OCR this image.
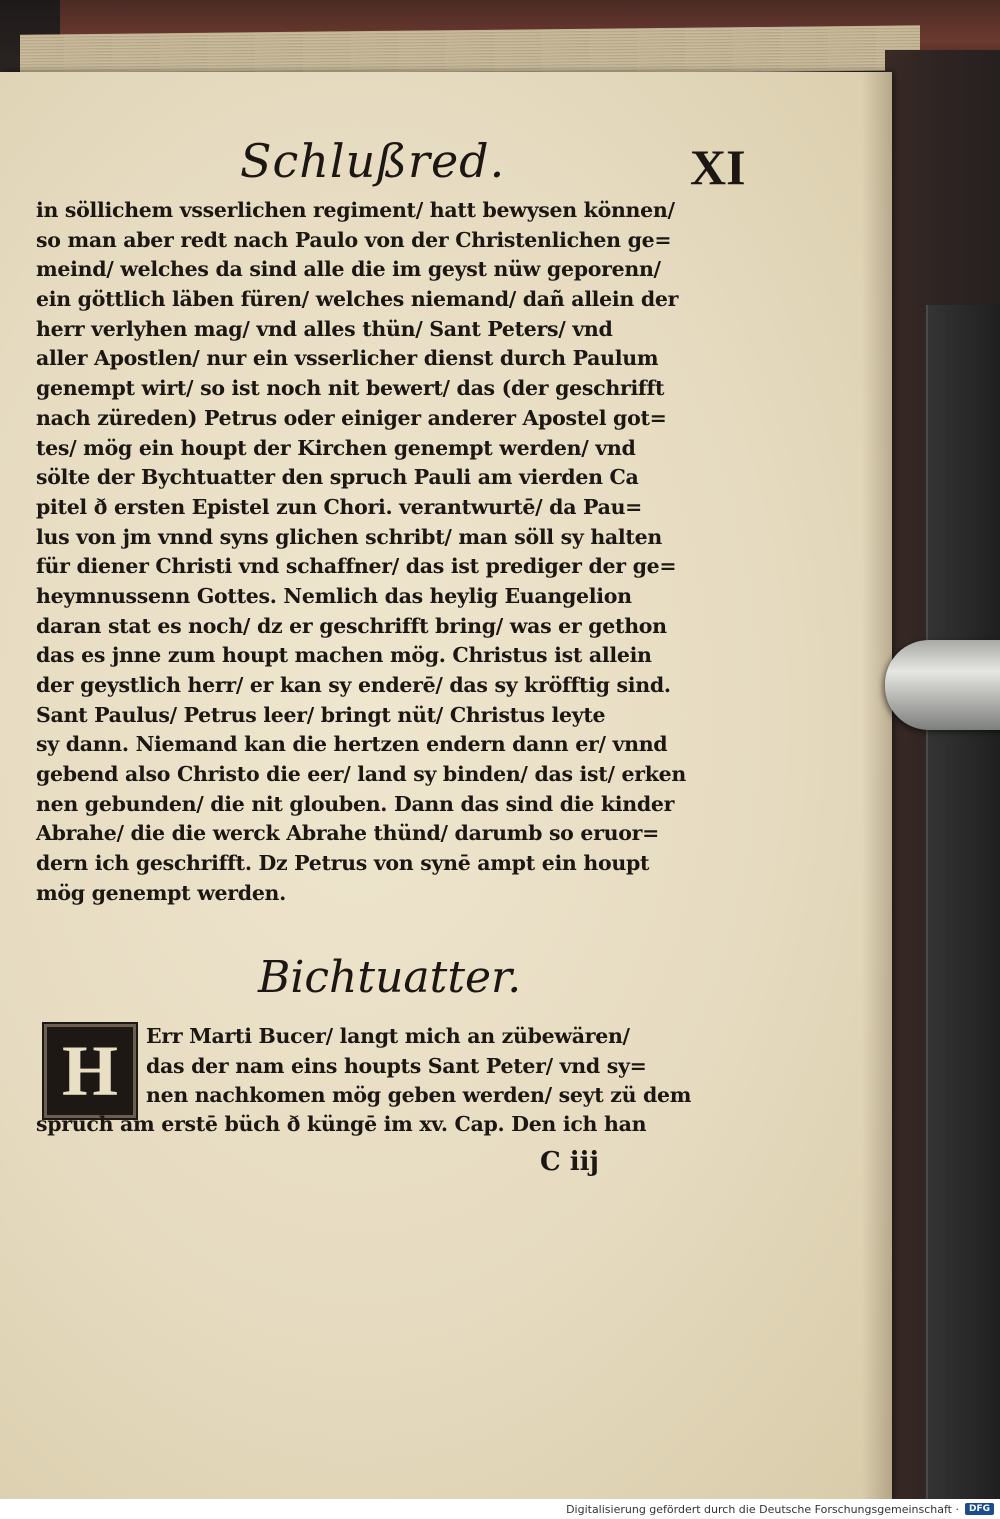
Schlußred.	XI
in söllichem vsserlichen regiment/ hatt bewysen können/
so man aber redt nach Paulo von der Christenlichen ge=
meind/ welches da sind alle die im geyst nüw geporenn/
ein göttlich läben füren/ welches niemand/ dañ allein der
herr verlyhen mag/ vnd alles thün/ Sant Peters/ vnd
aller Apostlen/ nur ein vsserlicher dienst durch Paulum
genempt wirt/ so ist noch nit bewert/ das (der geschrifft
nach züreden) Petrus oder einiger anderer Apostel got=
tes/ mög ein houpt der Kirchen genempt werden/ vnd
sölte der Bychtuatter den spruch Pauli am vierden Ca
pitel ð ersten Epistel zun Chori. verantwurtē/ da Pau=
lus von jm vnnd syns glichen schribt/ man söll sy halten
für diener Christi vnd schaffner/ das ist prediger der ge=
heymnussenn Gottes. Nemlich das heylig Euangelion
daran stat es noch/ dz er geschrifft bring/ was er gethon
das es jnne zum houpt machen mög. Christus ist allein
der geystlich herr/ er kan sy enderē/ das sy kröfftig sind.
Sant Paulus/ Petrus leer/ bringt nüt/ Christus leyte
sy dann. Niemand kan die hertzen endern dann er/ vnnd
gebend also Christo die eer/ land sy binden/ das ist/ erken
nen gebunden/ die nit glouben. Dann das sind die kinder
Abrahe/ die die werck Abrahe thünd/ darumb so eruor=
dern ich geschrifft. Dz Petrus von synē ampt ein houpt
mög genempt werden.
Bichtuatter.
H	Err Marti Bucer/ langt mich an zübewären/
das der nam eins houpts Sant Peter/ vnd sy=
nen nachkomen mög geben werden/ seyt zü dem
spruch am erstē büch ð küngē im xv. Cap. Den ich han
C iij
Digitalisierung gefördert durch die Deutsche Forschungsgemeinschaft ·	DFG
